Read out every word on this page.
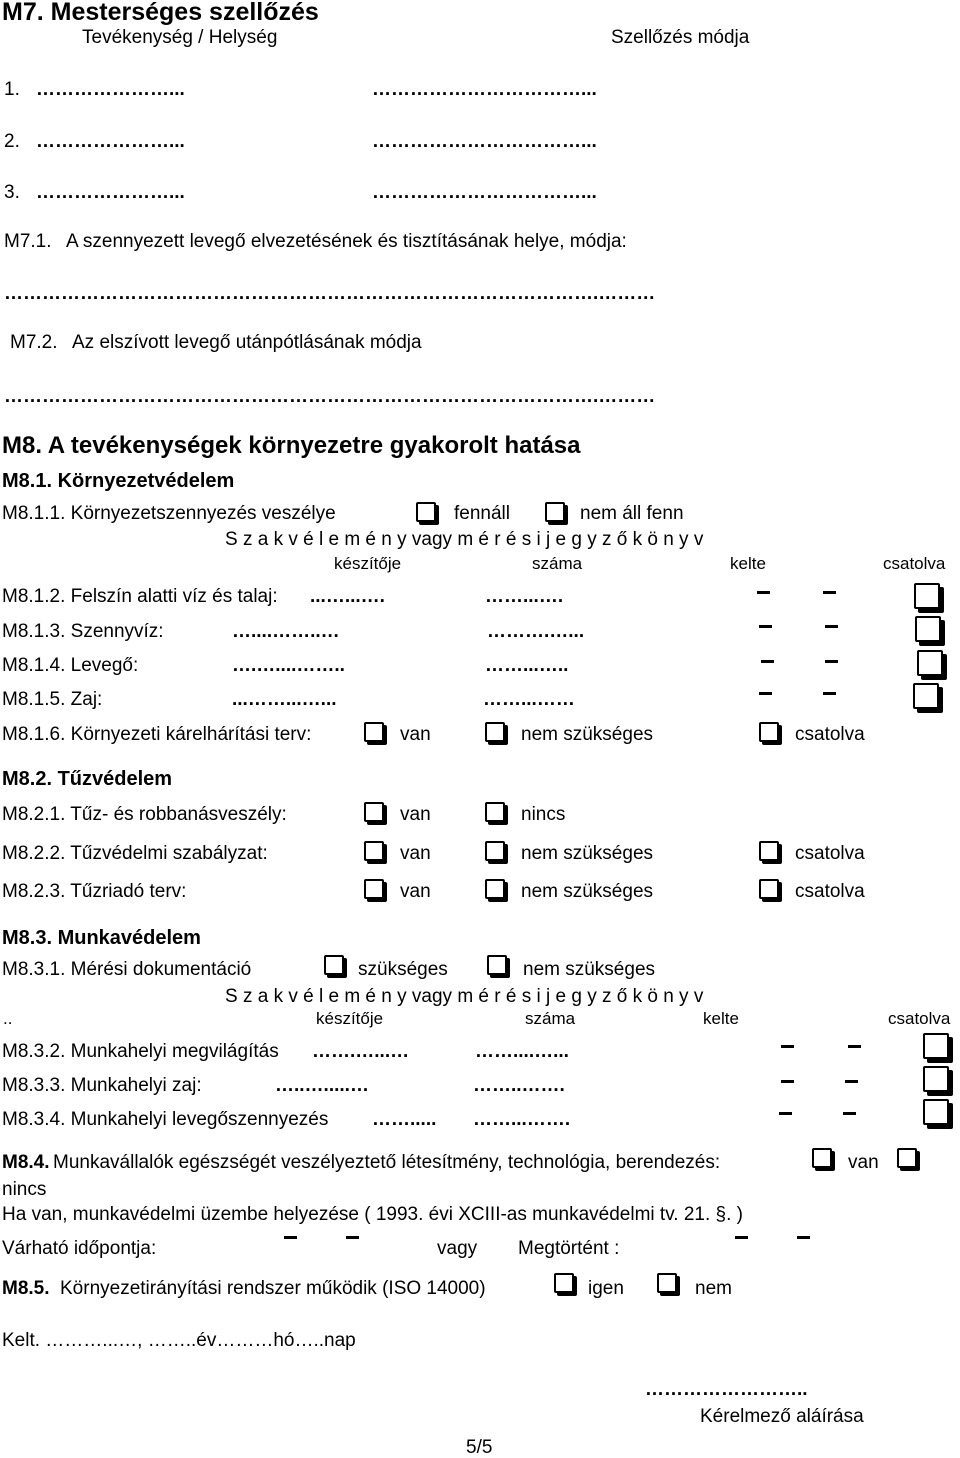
M7. Mesterséges szellőzés
Tevékenység / Helység	Szellőzés módja
1. …………………...	……………………………...
2. …………………...	……………………………...
3. …………………...	……………………………...
M7.1. A szennyezett levegő elvezetésének és tisztításának helye, módja:
………………………………………………………………………………….………
M7.2. Az elszívott levegő utánpótlásának módja
………………………………………………………………………………….………
M8. A tevékenységek környezetre gyakorolt hatása
M8.1. Környezetvédelem
M8.1.1. Környezetszennyezés veszélye	fennáll	nem áll fenn
S z a k v é l e m é n y vagy m é r é s i j e g y z ő k ö n y v
készítője	száma	kelte	csatolva
M8.1.2. Felszín alatti víz és talaj: ...…...….	……...….
M8.1.3. Szennyvíz:	…....……..…	……….…...
M8.1.4. Levegő:	….…....……..	……...…..
M8.1.5. Zaj:	...……...…...	……...……
M8.1.6. Környezeti kárelhárítási terv:	van	nem szükséges	csatolva
M8.2. Tűzvédelem
M8.2.1. Tűz- és robbanásveszély:	van	nincs
M8.2.2. Tűzvédelmi szabályzat:	van	nem szükséges	csatolva
M8.2.3. Tűzriadó terv:	van	nem szükséges	csatolva
M8.3. Munkavédelem
M8.3.1. Mérési dokumentáció	szükséges	nem szükséges
S z a k v é l e m é n y vagy m é r é s i j e g y z ő k ö n y v
..	készítője	száma	kelte	csatolva
M8.3.2. Munkahelyi megvilágítás …….…...…	……....…...
M8.3.3. Munkahelyi zaj:	…..….....…	……..…….
M8.3.4. Munkahelyi levegőszennyezés ……..... ……...…….
M8.4. Munkavállalók egészségét veszélyeztető létesítmény, technológia, berendezés:	van
nincs
Ha van, munkavédelmi üzembe helyezése ( 1993. évi XCIII-as munkavédelmi tv. 21. §. )
Várható időpontja:	vagy Megtörtént :
M8.5. Környezetirányítási rendszer működik (ISO 14000)	igen	nem
Kelt. ………...…, ……..év………hó…..nap
……………………..
Kérelmező aláírása
5/5
